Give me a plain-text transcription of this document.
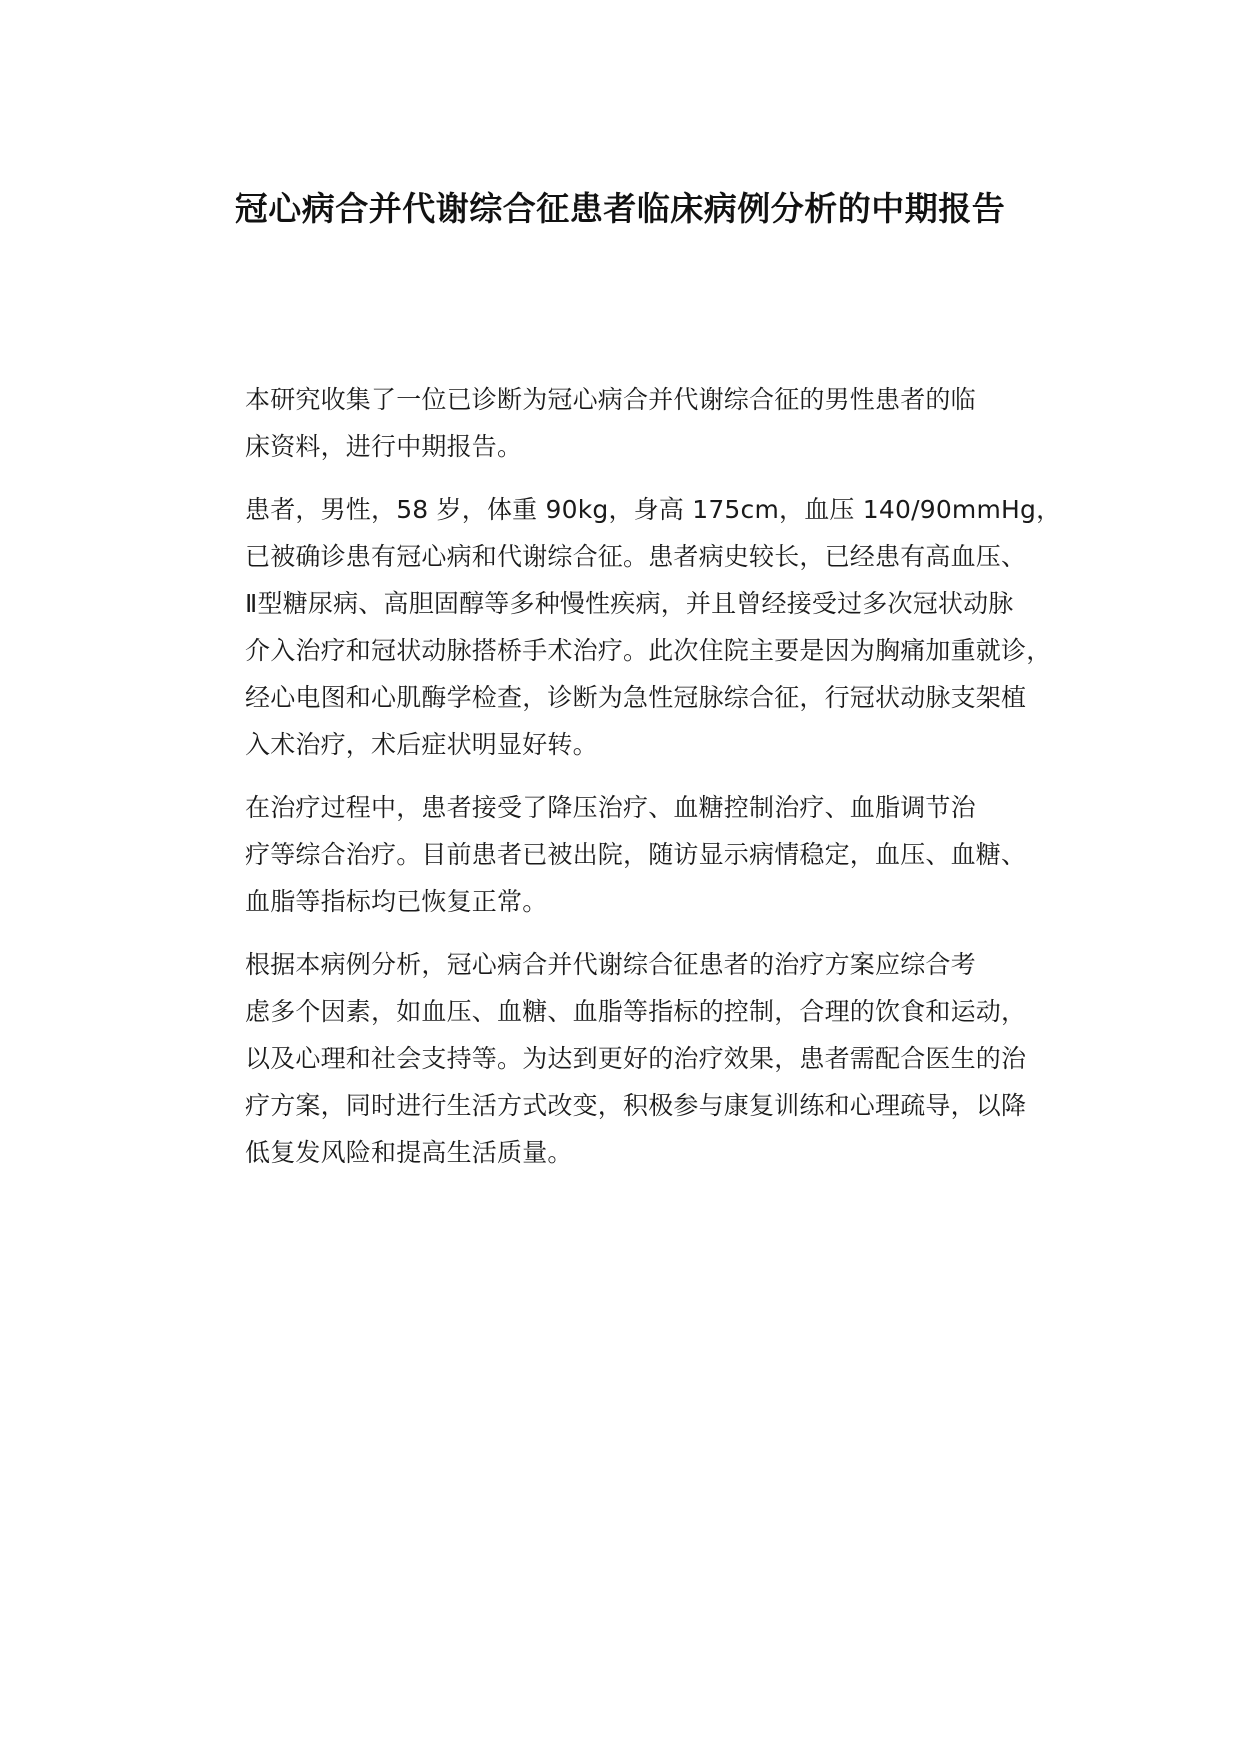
冠心病合并代谢综合征患者临床病例分析的中期报告

本研究收集了一位已诊断为冠心病合并代谢综合征的男性患者的临
床资料，进行中期报告。

患者，男性，58 岁，体重 90kg，身高 175cm，血压 140/90mmHg，
已被确诊患有冠心病和代谢综合征。患者病史较长，已经患有高血压、
Ⅱ型糖尿病、高胆固醇等多种慢性疾病，并且曾经接受过多次冠状动脉
介入治疗和冠状动脉搭桥手术治疗。此次住院主要是因为胸痛加重就诊，
经心电图和心肌酶学检查，诊断为急性冠脉综合征，行冠状动脉支架植
入术治疗，术后症状明显好转。

在治疗过程中，患者接受了降压治疗、血糖控制治疗、血脂调节治
疗等综合治疗。目前患者已被出院，随访显示病情稳定，血压、血糖、
血脂等指标均已恢复正常。

根据本病例分析，冠心病合并代谢综合征患者的治疗方案应综合考
虑多个因素，如血压、血糖、血脂等指标的控制，合理的饮食和运动，
以及心理和社会支持等。为达到更好的治疗效果，患者需配合医生的治
疗方案，同时进行生活方式改变，积极参与康复训练和心理疏导，以降
低复发风险和提高生活质量。
